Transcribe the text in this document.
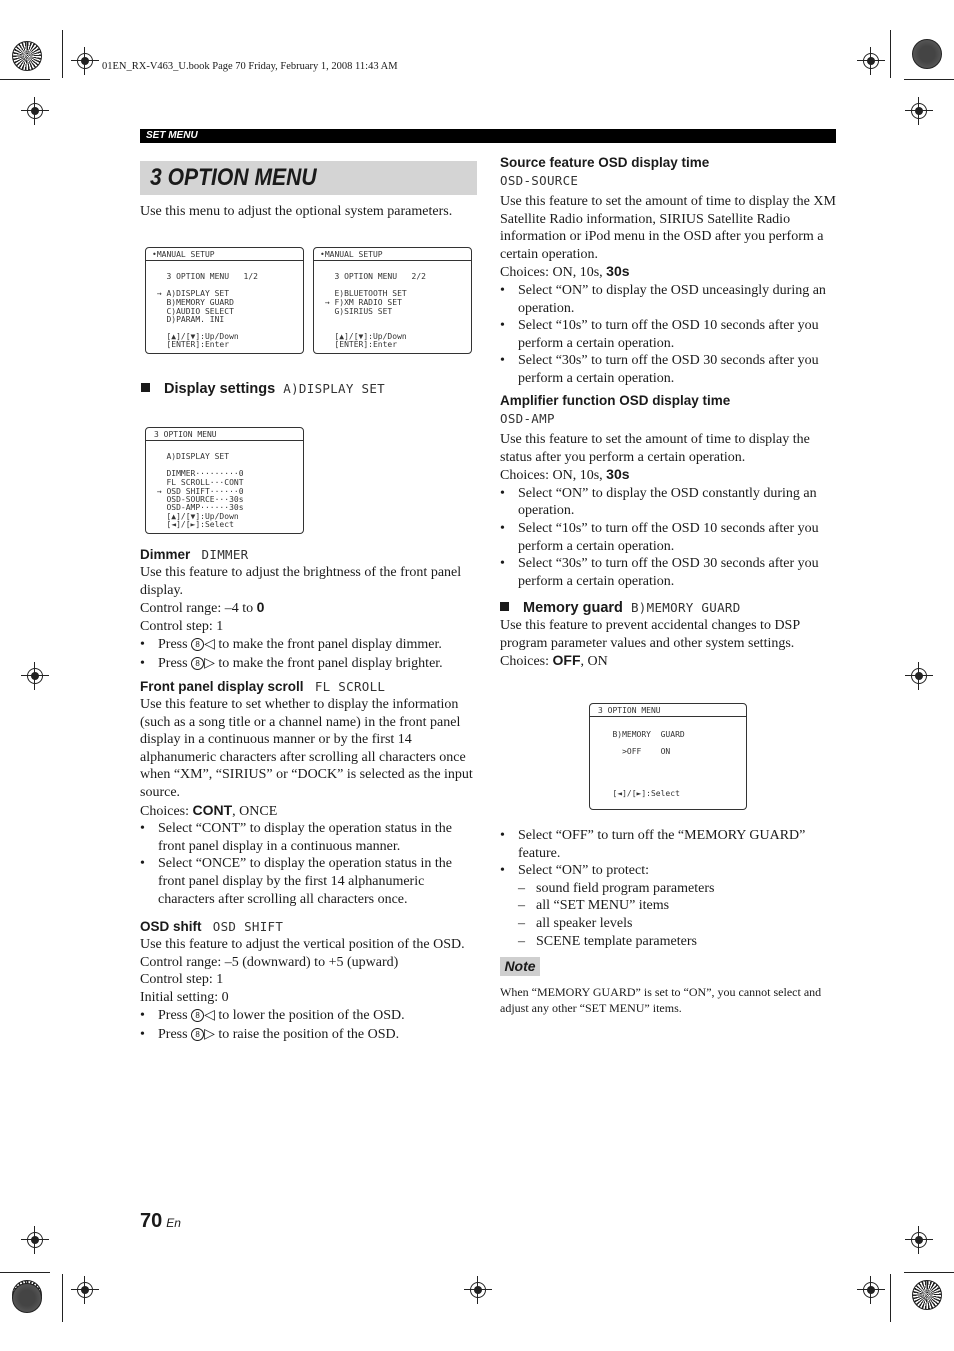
01EN_RX-V463_U.book Page 70 Friday, February 1, 2008 11:43 AM
SET MENU
3 OPTION MENU
Use this menu to adjust the optional system parameters.
•MANUAL SETUP
3 OPTION MENU   1/2
→ A)DISPLAY SET
B)MEMORY GUARD
C)AUDIO SELECT
D)PARAM. INI
[▲]/[▼]:Up/Down
[ENTER]:Enter
•MANUAL SETUP
3 OPTION MENU   2/2
E)BLUETOOTH SET
→ F)XM RADIO SET
G)SIRIUS SET
[▲]/[▼]:Up/Down
[ENTER]:Enter
Display settings A)DISPLAY SET
3 OPTION MENU
A)DISPLAY SET
DIMMER·········0
FL SCROLL···CONT
→ OSD SHIFT······0
OSD-SOURCE···30s
OSD-AMP······30s
[▲]/[▼]:Up/Down
[◄]/[►]:Select
Dimmer DIMMER
Use this feature to adjust the brightness of the front panel display.
Control range: –4 to 0
Control step: 1
• Press 8 ◁ to make the front panel display dimmer.
• Press 8 ▷ to make the front panel display brighter.
Front panel display scroll FL SCROLL
Use this feature to set whether to display the information (such as a song title or a channel name) in the front panel display in a continuous manner or by the first 14 alphanumeric characters after scrolling all characters once when “XM”, “SIRIUS” or “DOCK” is selected as the input source.
Choices: CONT, ONCE
• Select “CONT” to display the operation status in the front panel display in a continuous manner.
• Select “ONCE” to display the operation status in the front panel display by the first 14 alphanumeric characters after scrolling all characters once.
OSD shift OSD SHIFT
Use this feature to adjust the vertical position of the OSD.
Control range: –5 (downward) to +5 (upward)
Control step: 1
Initial setting: 0
• Press 8 ◁ to lower the position of the OSD.
• Press 8 ▷ to raise the position of the OSD.
Source feature OSD display time
OSD-SOURCE
Use this feature to set the amount of time to display the XM Satellite Radio information, SIRIUS Satellite Radio information or iPod menu in the OSD after you perform a certain operation.
Choices: ON, 10s, 30s
• Select “ON” to display the OSD unceasingly during an operation.
• Select “10s” to turn off the OSD 10 seconds after you perform a certain operation.
• Select “30s” to turn off the OSD 30 seconds after you perform a certain operation.
Amplifier function OSD display time
OSD-AMP
Use this feature to set the amount of time to display the status after you perform a certain operation.
Choices: ON, 10s, 30s
• Select “ON” to display the OSD constantly during an operation.
• Select “10s” to turn off the OSD 10 seconds after you perform a certain operation.
• Select “30s” to turn off the OSD 30 seconds after you perform a certain operation.
Memory guard B)MEMORY GUARD
Use this feature to prevent accidental changes to DSP program parameter values and other system settings.
Choices: OFF, ON
3 OPTION MENU
B)MEMORY  GUARD
>OFF    ON
[◄]/[►]:Select
• Select “OFF” to turn off the “MEMORY GUARD” feature.
• Select “ON” to protect:
– sound field program parameters
– all “SET MENU” items
– all speaker levels
– SCENE template parameters
Note
When “MEMORY GUARD” is set to “ON”, you cannot select and adjust any other “SET MENU” items.
70 En
